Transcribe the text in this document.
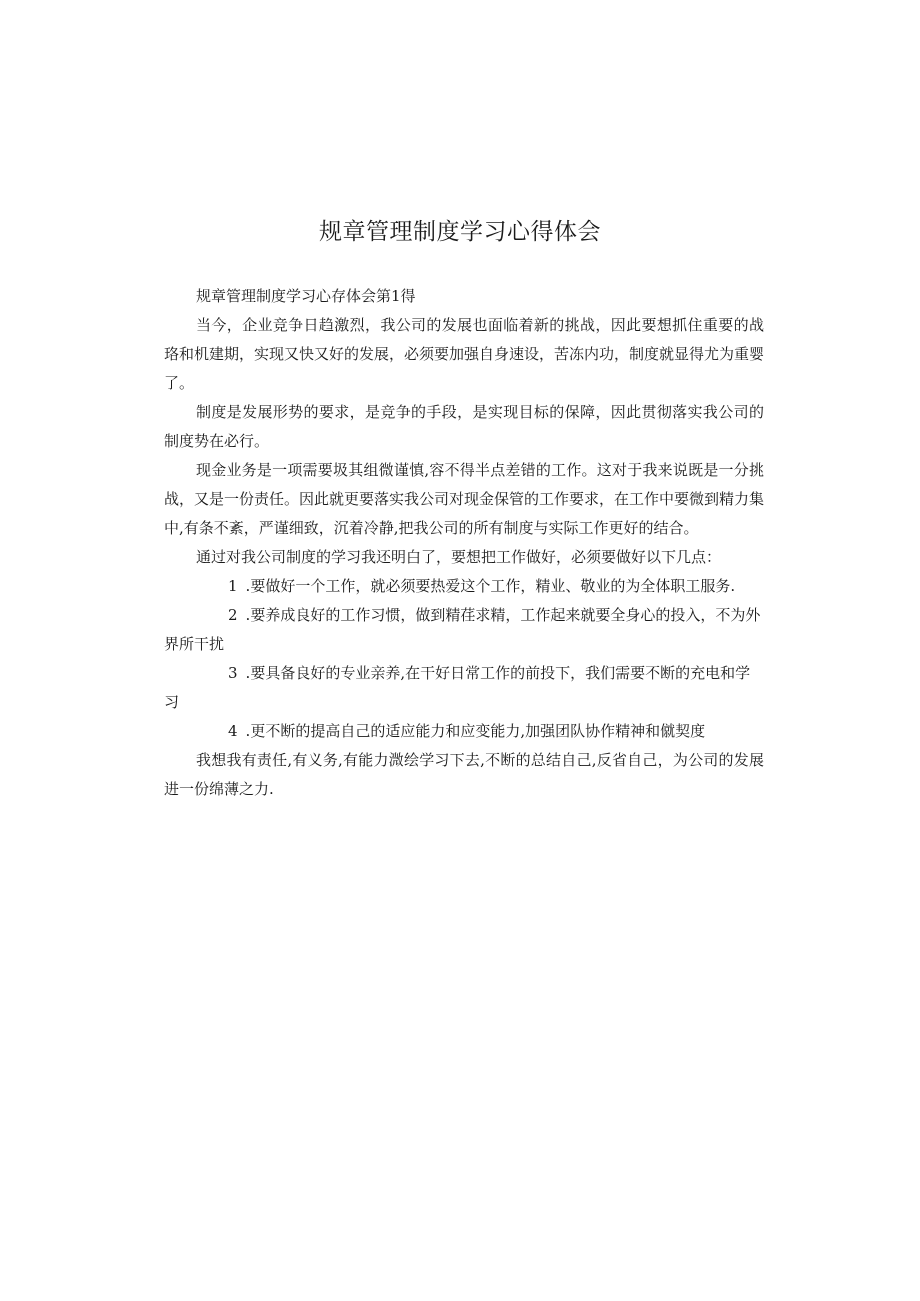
规章管理制度学习心得体会

规章管理制度学习心存体会第1得

当今，企业竞争日趋激烈，我公司的发展也面临着新的挑战，因此要想抓住重要的战珞和机建期，实现又快又好的发展，必须要加强自身速设，苦冻内功，制度就显得尤为重婴了。

制度是发展形势的要求，是竞争的手段，是实现目标的保障，因此贯彻落实我公司的制度势在必行。

现金业务是一项需要圾其组微谨慎,容不得半点差错的工作。这对于我来说既是一分挑战，又是一份责任。因此就更要落实我公司对现金保管的工作要求，在工作中要微到精力集中,有条不紊，严谨细致，沉着冷静,把我公司的所有制度与实际工作更好的结合。

通过对我公司制度的学习我还明白了，要想把工作做好，必须要做好以下几点：

1 .要做好一个工作，就必须要热爱这个工作，精业、敬业的为全体职工服务.

2 .要养成良好的工作习惯，做到精荏求精，工作起来就要全身心的投入，不为外界所干扰

3 .要具备良好的专业亲养,在干好日常工作的前投下，我们需要不断的充电和学习

4 .更不断的提高自己的适应能力和应变能力,加强团队协作精神和僦契度

我想我有责任,有义务,有能力溦绘学习下去,不断的总结自己,反省自己，为公司的发展进一份绵薄之力.
